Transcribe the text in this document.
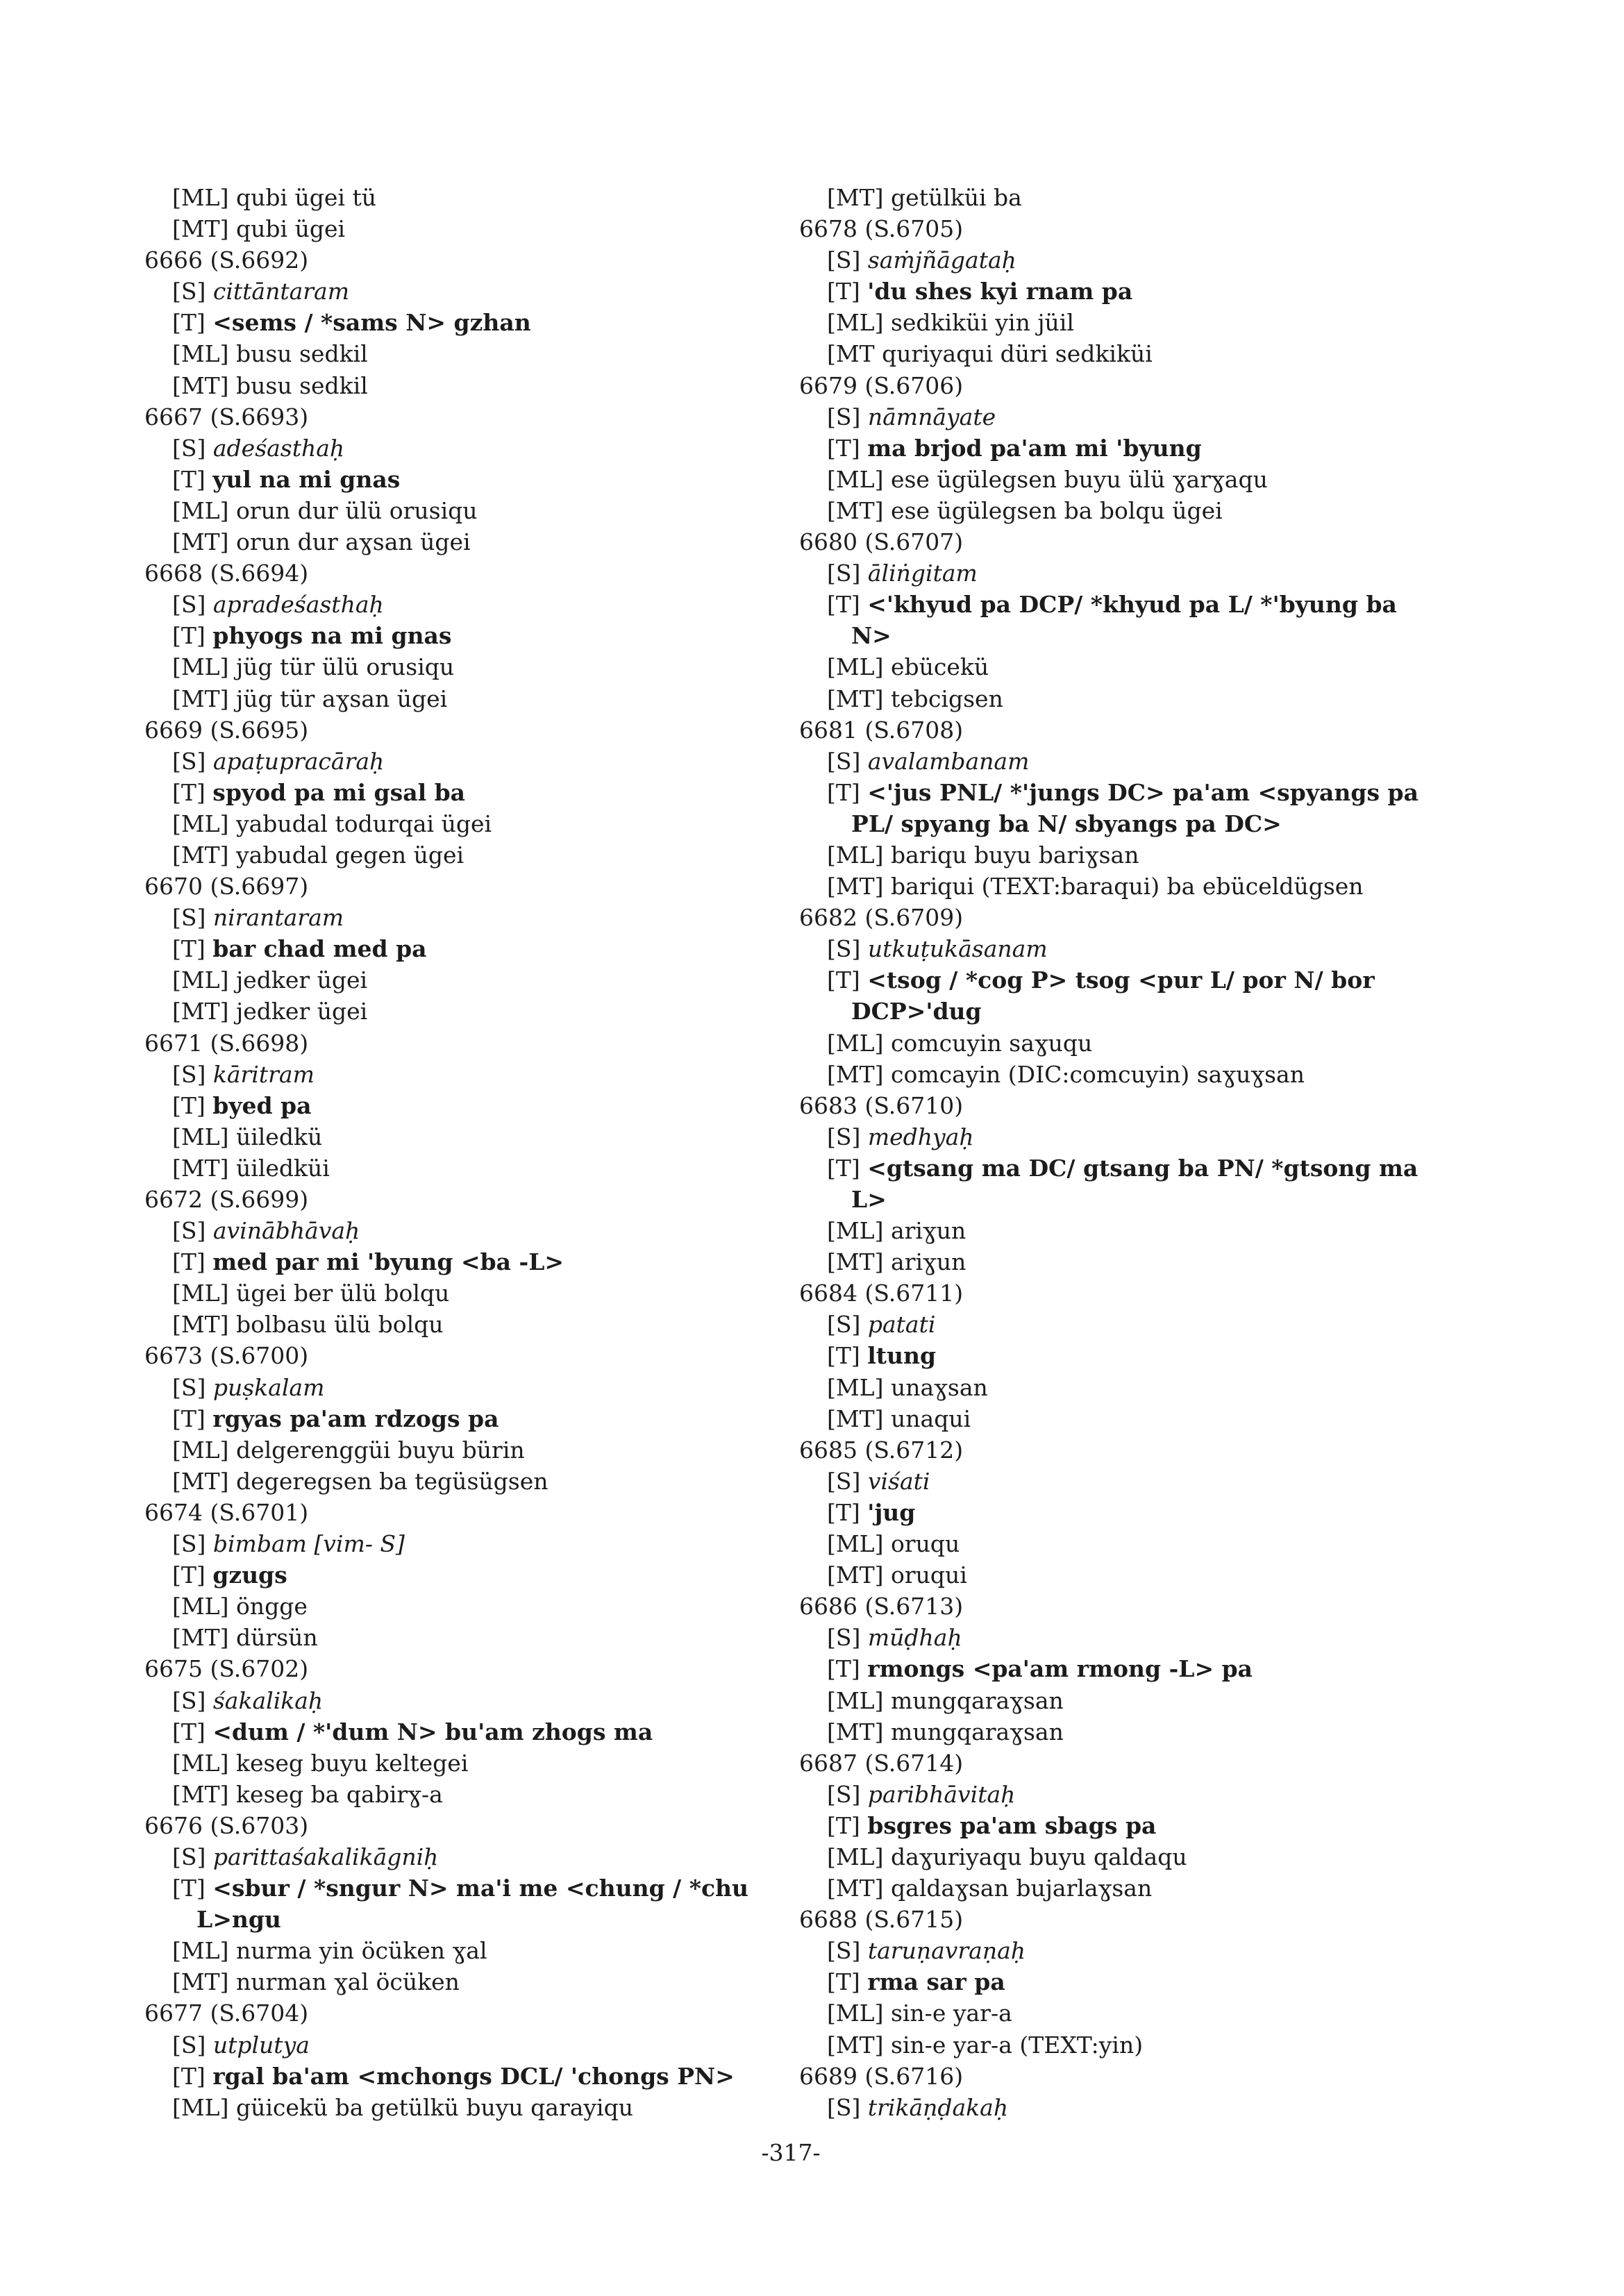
[ML] qubi ügei tü
[MT] qubi ügei
6666 (S.6692)
[S] cittāntaram
[T] <sems / *sams N> gzhan
[ML] busu sedkil
[MT] busu sedkil
6667 (S.6693)
[S] adeśasthaḥ
[T] yul na mi gnas
[ML] orun dur ülü orusiqu
[MT] orun dur aɣsan ügei
6668 (S.6694)
[S] apradeśasthaḥ
[T] phyogs na mi gnas
[ML] jüg tür ülü orusiqu
[MT] jüg tür aɣsan ügei
6669 (S.6695)
[S] apaṭupracāraḥ
[T] spyod pa mi gsal ba
[ML] yabudal todurqai ügei
[MT] yabudal gegen ügei
6670 (S.6697)
[S] nirantaram
[T] bar chad med pa
[ML] jedker ügei
[MT] jedker ügei
6671 (S.6698)
[S] kāritram
[T] byed pa
[ML] üiledkü
[MT] üiledküi
6672 (S.6699)
[S] avinābhāvaḥ
[T] med par mi 'byung <ba -L>
[ML] ügei ber ülü bolqu
[MT] bolbasu ülü bolqu
6673 (S.6700)
[S] puṣkalam
[T] rgyas pa'am rdzogs pa
[ML] delgerenggüi buyu bürin
[MT] degeregsen ba tegüsügsen
6674 (S.6701)
[S] bimbam [vim- S]
[T] gzugs
[ML] öngge
[MT] dürsün
6675 (S.6702)
[S] śakalikaḥ
[T] <dum / *'dum N> bu'am zhogs ma
[ML] keseg buyu keltegei
[MT] keseg ba qabirɣ-a
6676 (S.6703)
[S] parittaśakalikāgniḥ
[T] <sbur / *sngur N> ma'i me <chung / *chu
L>ngu
[ML] nurma yin öcüken ɣal
[MT] nurman ɣal öcüken
6677 (S.6704)
[S] utplutya
[T] rgal ba'am <mchongs DCL/ 'chongs PN>
[ML] güicekü ba getülkü buyu qarayiqu
[MT] getülküi ba
6678 (S.6705)
[S] saṁjñāgataḥ
[T] 'du shes kyi rnam pa
[ML] sedkiküi yin jüil
[MT quriyaqui düri sedkiküi
6679 (S.6706)
[S] nāmnāyate
[T] ma brjod pa'am mi 'byung
[ML] ese ügülegsen buyu ülü ɣarɣaqu
[MT] ese ügülegsen ba bolqu ügei
6680 (S.6707)
[S] āliṅgitam
[T] <'khyud pa DCP/ *khyud pa L/ *'byung ba
N>
[ML] ebücekü
[MT] tebcigsen
6681 (S.6708)
[S] avalambanam
[T] <'jus PNL/ *'jungs DC> pa'am <spyangs pa
PL/ spyang ba N/ sbyangs pa DC>
[ML] bariqu buyu bariɣsan
[MT] bariqui (TEXT:baraqui) ba ebüceldügsen
6682 (S.6709)
[S] utkuṭukāsanam
[T] <tsog / *cog P> tsog <pur L/ por N/ bor
DCP>'dug
[ML] comcuyin saɣuqu
[MT] comcayin (DIC:comcuyin) saɣuɣsan
6683 (S.6710)
[S] medhyaḥ
[T] <gtsang ma DC/ gtsang ba PN/ *gtsong ma
L>
[ML] ariɣun
[MT] ariɣun
6684 (S.6711)
[S] patati
[T] ltung
[ML] unaɣsan
[MT] unaqui
6685 (S.6712)
[S] viśati
[T] 'jug
[ML] oruqu
[MT] oruqui
6686 (S.6713)
[S] mūḍhaḥ
[T] rmongs <pa'am rmong -L> pa
[ML] mungqaraɣsan
[MT] mungqaraɣsan
6687 (S.6714)
[S] paribhāvitaḥ
[T] bsgres pa'am sbags pa
[ML] daɣuriyaqu buyu qaldaqu
[MT] qaldaɣsan bujarlaɣsan
6688 (S.6715)
[S] taruṇavraṇaḥ
[T] rma sar pa
[ML] sin-e yar-a
[MT] sin-e yar-a (TEXT:yin)
6689 (S.6716)
[S] trikāṇḍakaḥ
-317-
